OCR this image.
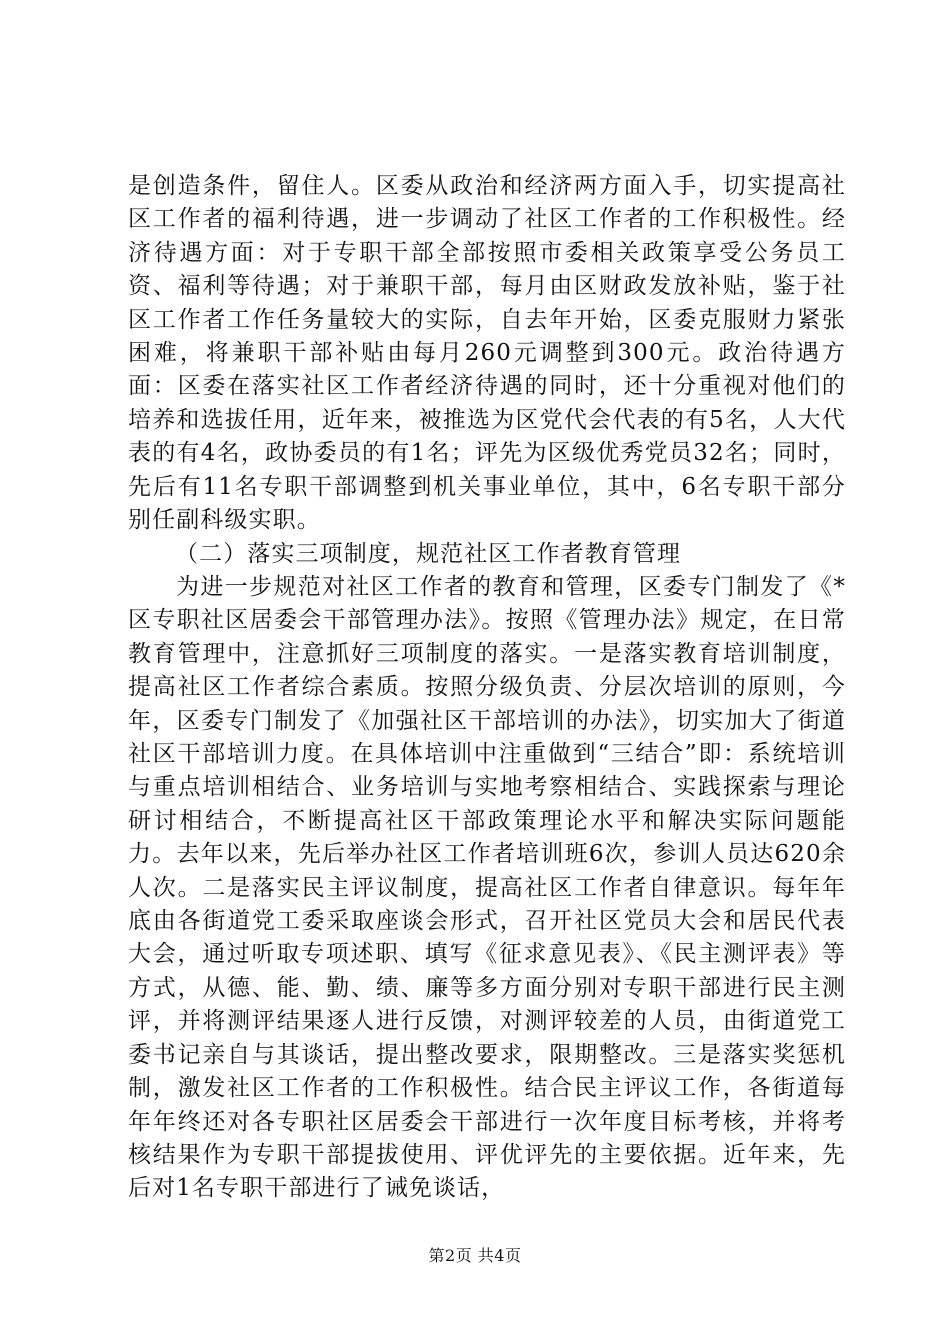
是创造条件，留住人。区委从政治和经济两方面入手，切实提高社区工作者的福利待遇，进一步调动了社区工作者的工作积极性。经济待遇方面：对于专职干部全部按照市委相关政策享受公务员工资、福利等待遇；对于兼职干部，每月由区财政发放补贴，鉴于社区工作者工作任务量较大的实际，自去年开始，区委克服财力紧张困难，将兼职干部补贴由每月260元调整到300元。政治待遇方面：区委在落实社区工作者经济待遇的同时，还十分重视对他们的培养和选拔任用，近年来，被推选为区党代会代表的有5名，人大代表的有4名，政协委员的有1名；评先为区级优秀党员32名；同时，先后有11名专职干部调整到机关事业单位，其中，6名专职干部分别任副科级实职。

（二）落实三项制度，规范社区工作者教育管理

为进一步规范对社区工作者的教育和管理，区委专门制发了《*区专职社区居委会干部管理办法》。按照《管理办法》规定，在日常教育管理中，注意抓好三项制度的落实。一是落实教育培训制度，提高社区工作者综合素质。按照分级负责、分层次培训的原则，今年，区委专门制发了《加强社区干部培训的办法》，切实加大了街道社区干部培训力度。在具体培训中注重做到“三结合”即：系统培训与重点培训相结合、业务培训与实地考察相结合、实践探索与理论研讨相结合，不断提高社区干部政策理论水平和解决实际问题能力。去年以来，先后举办社区工作者培训班6次，参训人员达620余人次。二是落实民主评议制度，提高社区工作者自律意识。每年年底由各街道党工委采取座谈会形式，召开社区党员大会和居民代表大会，通过听取专项述职、填写《征求意见表》、《民主测评表》等方式，从德、能、勤、绩、廉等多方面分别对专职干部进行民主测评，并将测评结果逐人进行反馈，对测评较差的人员，由街道党工委书记亲自与其谈话，提出整改要求，限期整改。三是落实奖惩机制，激发社区工作者的工作积极性。结合民主评议工作，各街道每年年终还对各专职社区居委会干部进行一次年度目标考核，并将考核结果作为专职干部提拔使用、评优评先的主要依据。近年来，先后对1名专职干部进行了诫免谈话，

第2页 共4页
